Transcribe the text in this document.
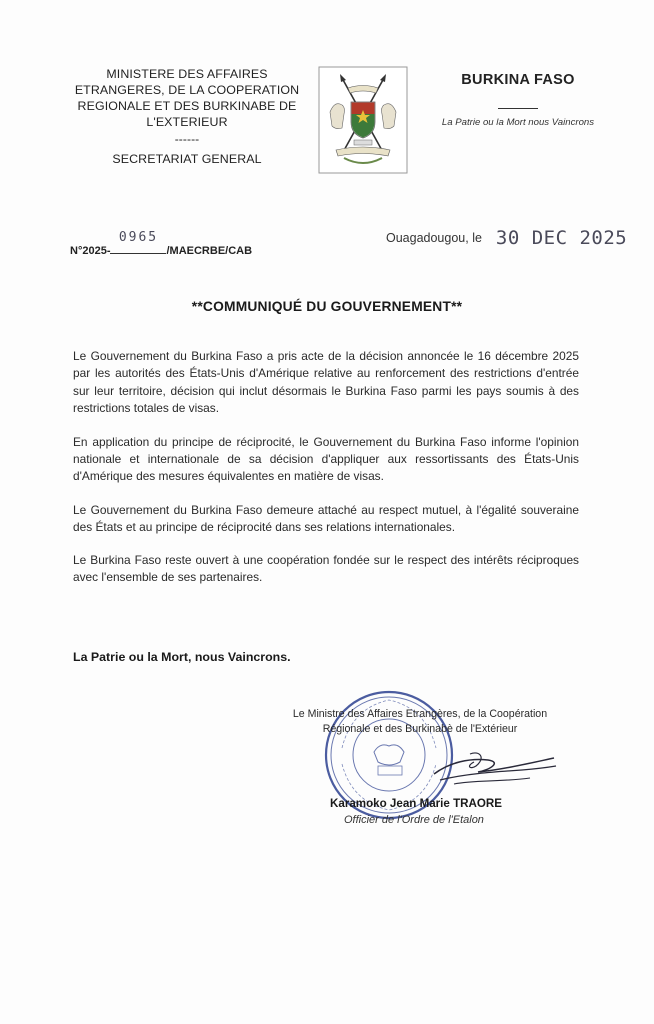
MINISTERE DES AFFAIRES
ETRANGERES, DE LA COOPERATION
REGIONALE ET DES BURKINABE DE
L'EXTERIEUR
------
SECRETARIAT GENERAL
BURKINA FASO
La Patrie ou la Mort nous Vaincrons
Ouagadougou, le 30 DEC 2025
N°2025-
0965
/MAECRBE/CAB
**COMMUNIQUÉ DU GOUVERNEMENT**

Le Gouvernement du Burkina Faso a pris acte de la décision annoncée le 16 décembre 2025 par les autorités des États-Unis d'Amérique relative au renforcement des restrictions d'entrée sur leur territoire, décision qui inclut désormais le Burkina Faso parmi les pays soumis à des restrictions totales de visas.

En application du principe de réciprocité, le Gouvernement du Burkina Faso informe l'opinion nationale et internationale de sa décision d'appliquer aux ressortissants des États-Unis d'Amérique des mesures équivalentes en matière de visas.

Le Gouvernement du Burkina Faso demeure attaché au respect mutuel, à l'égalité souveraine des États et au principe de réciprocité dans ses relations internationales.

Le Burkina Faso reste ouvert à une coopération fondée sur le respect des intérêts réciproques avec l'ensemble de ses partenaires.

La Patrie ou la Mort, nous Vaincrons.
Le Ministre des Affaires Etrangères, de la Coopération
Régionale et des Burkinabè de l'Extérieur
Karamoko Jean Marie TRAORE
Officier de l'Ordre de l'Etalon
